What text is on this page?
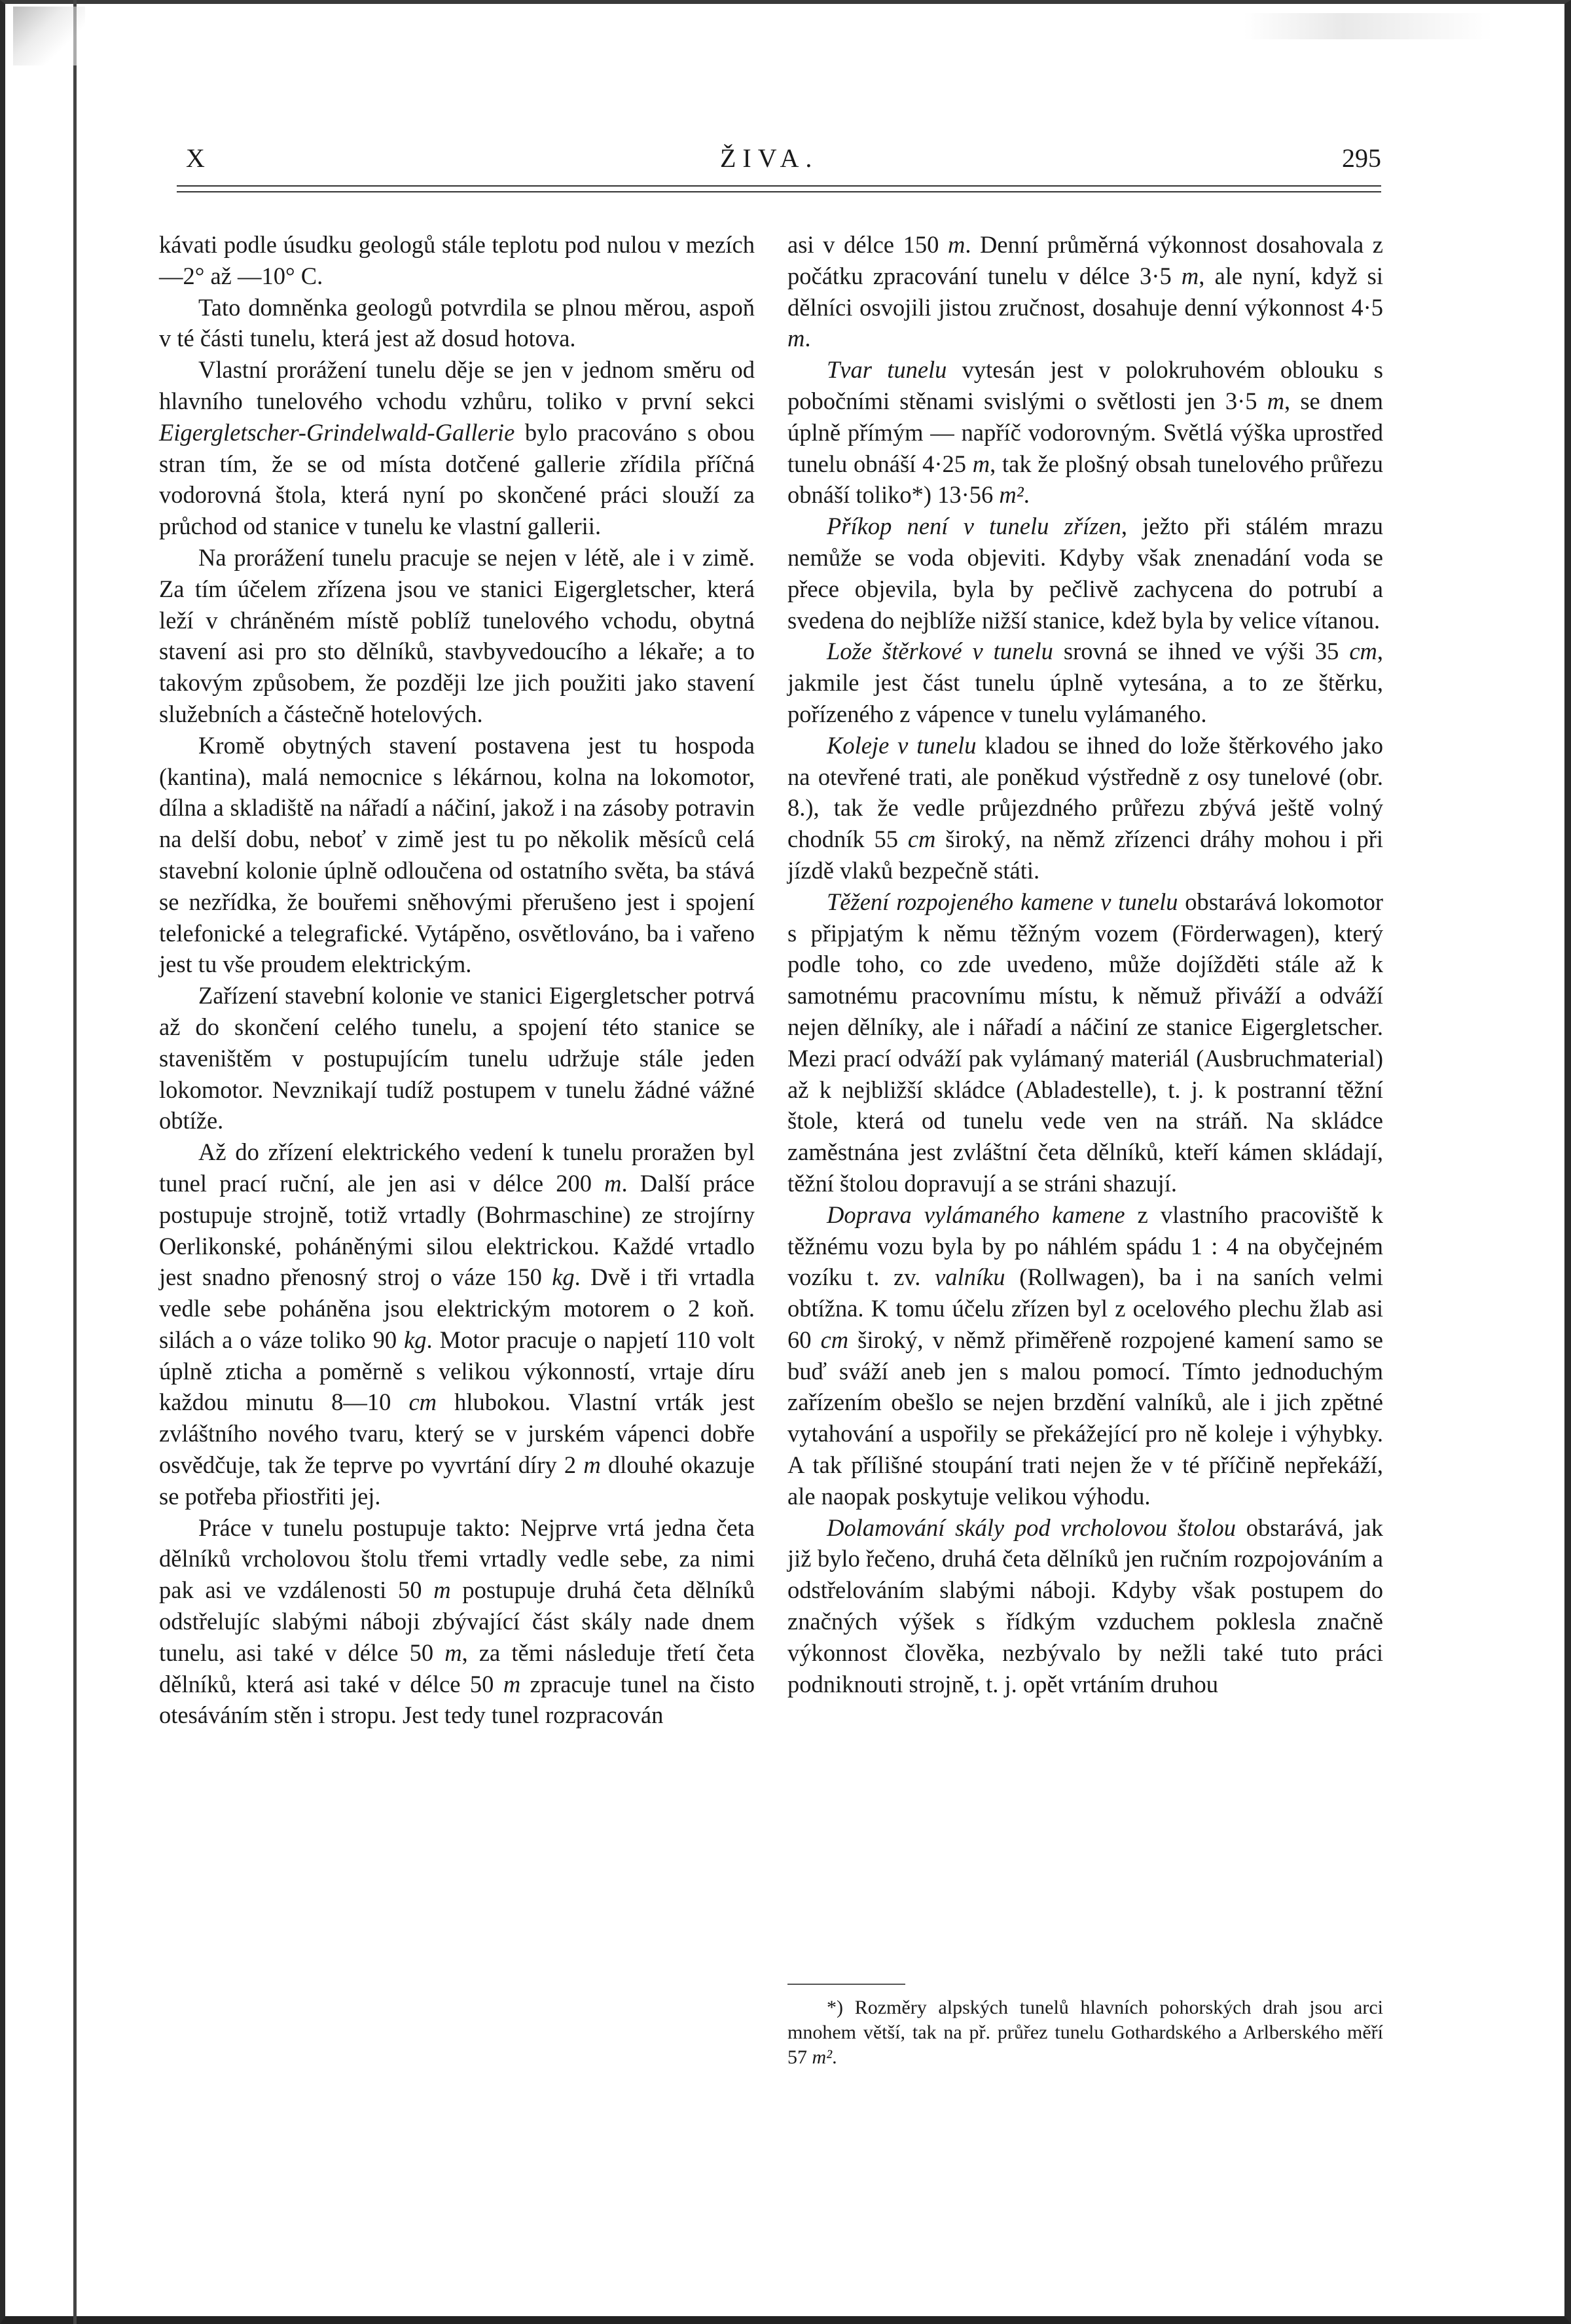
X	ŽIVA.	295

kávati podle úsudku geologů stále teplotu pod nulou v mezích —2° až —10° C.

Tato domněnka geologů potvrdila se plnou měrou, aspoň v té části tunelu, která jest až dosud hotova.

Vlastní prorážení tunelu děje se jen v jednom směru od hlavního tunelového vchodu vzhůru, toliko v první sekci Eigergletscher-Grindelwald-Gallerie bylo pracováno s obou stran tím, že se od místa dotčené gallerie zřídila příčná vodorovná štola, která nyní po skončené práci slouží za průchod od stanice v tunelu ke vlastní gallerii.

Na prorážení tunelu pracuje se nejen v létě, ale i v zimě. Za tím účelem zřízena jsou ve stanici Eigergletscher, která leží v chráněném místě poblíž tunelového vchodu, obytná stavení asi pro sto dělníků, stavbyvedoucího a lékaře; a to takovým způsobem, že později lze jich použiti jako stavení služebních a částečně hotelových.

Kromě obytných stavení postavena jest tu hospoda (kantina), malá nemocnice s lékárnou, kolna na lokomotor, dílna a skladiště na nářadí a náčiní, jakož i na zásoby potravin na delší dobu, neboť v zimě jest tu po několik měsíců celá stavební kolonie úplně odloučena od ostatního světa, ba stává se nezřídka, že bouřemi sněhovými přerušeno jest i spojení telefonické a telegrafické. Vytápěno, osvětlováno, ba i vařeno jest tu vše proudem elektrickým.

Zařízení stavební kolonie ve stanici Eigergletscher potrvá až do skončení celého tunelu, a spojení této stanice se staveništěm v postupujícím tunelu udržuje stále jeden lokomotor. Nevznikají tudíž postupem v tunelu žádné vážné obtíže.

Až do zřízení elektrického vedení k tunelu proražen byl tunel prací ruční, ale jen asi v délce 200 m. Další práce postupuje strojně, totiž vrtadly (Bohrmaschine) ze strojírny Oerlikonské, poháněnými silou elektrickou. Každé vrtadlo jest snadno přenosný stroj o váze 150 kg. Dvě i tři vrtadla vedle sebe poháněna jsou elektrickým motorem o 2 koň. silách a o váze toliko 90 kg. Motor pracuje o napjetí 110 volt úplně zticha a poměrně s velikou výkonností, vrtaje díru každou minutu 8—10 cm hlubokou. Vlastní vrták jest zvláštního nového tvaru, který se v jurském vápenci dobře osvědčuje, tak že teprve po vyvrtání díry 2 m dlouhé okazuje se potřeba přiostřiti jej.

Práce v tunelu postupuje takto: Nejprve vrtá jedna četa dělníků vrcholovou štolu třemi vrtadly vedle sebe, za nimi pak asi ve vzdálenosti 50 m postupuje druhá četa dělníků odstřelujíc slabými náboji zbývající část skály nade dnem tunelu, asi také v délce 50 m, za těmi následuje třetí četa dělníků, která asi také v délce 50 m zpracuje tunel na čisto otesáváním stěn i stropu. Jest tedy tunel rozpracován

asi v délce 150 m. Denní průměrná výkonnost dosahovala z počátku zpracování tunelu v délce 3·5 m, ale nyní, když si dělníci osvojili jistou zručnost, dosahuje denní výkonnost 4·5 m.

Tvar tunelu vytesán jest v polokruhovém oblouku s pobočními stěnami svislými o světlosti jen 3·5 m, se dnem úplně přímým — napříč vodorovným. Světlá výška uprostřed tunelu obnáší 4·25 m, tak že plošný obsah tunelového průřezu obnáší toliko*) 13·56 m².

Příkop není v tunelu zřízen, ježto při stálém mrazu nemůže se voda objeviti. Kdyby však znenadání voda se přece objevila, byla by pečlivě zachycena do potrubí a svedena do nejblíže nižší stanice, kdež byla by velice vítanou.

Lože štěrkové v tunelu srovná se ihned ve výši 35 cm, jakmile jest část tunelu úplně vytesána, a to ze štěrku, pořízeného z vápence v tunelu vylámaného.

Koleje v tunelu kladou se ihned do lože štěrkového jako na otevřené trati, ale poněkud výstředně z osy tunelové (obr. 8.), tak že vedle průjezdného průřezu zbývá ještě volný chodník 55 cm široký, na němž zřízenci dráhy mohou i při jízdě vlaků bezpečně státi.

Těžení rozpojeného kamene v tunelu obstarává lokomotor s připjatým k němu těžným vozem (Förderwagen), který podle toho, co zde uvedeno, může dojížděti stále až k samotnému pracovnímu místu, k němuž přiváží a odváží nejen dělníky, ale i nářadí a náčiní ze stanice Eigergletscher. Mezi prací odváží pak vylámaný materiál (Ausbruchmaterial) až k nejbližší skládce (Abladestelle), t. j. k postranní těžní štole, která od tunelu vede ven na stráň. Na skládce zaměstnána jest zvláštní četa dělníků, kteří kámen skládají, těžní štolou dopravují a se stráni shazují.

Doprava vylámaného kamene z vlastního pracoviště k těžnému vozu byla by po náhlém spádu 1 : 4 na obyčejném vozíku t. zv. valníku (Rollwagen), ba i na saních velmi obtížna. K tomu účelu zřízen byl z ocelového plechu žlab asi 60 cm široký, v němž přiměřeně rozpojené kamení samo se buď sváží aneb jen s malou pomocí. Tímto jednoduchým zařízením obešlo se nejen brzdění valníků, ale i jich zpětné vytahování a uspořily se překážející pro ně koleje i výhybky. A tak přílišné stoupání trati nejen že v té příčině nepřekáží, ale naopak poskytuje velikou výhodu.

Dolamování skály pod vrcholovou štolou obstarává, jak již bylo řečeno, druhá četa dělníků jen ručním rozpojováním a odstřelováním slabými náboji. Kdyby však postupem do značných výšek s řídkým vzduchem poklesla značně výkonnost člověka, nezbývalo by nežli také tuto práci podniknouti strojně, t. j. opět vrtáním druhou

*) Rozměry alpských tunelů hlavních pohorských drah jsou arci mnohem větší, tak na př. průřez tunelu Gothardského a Arlberského měří 57 m².
